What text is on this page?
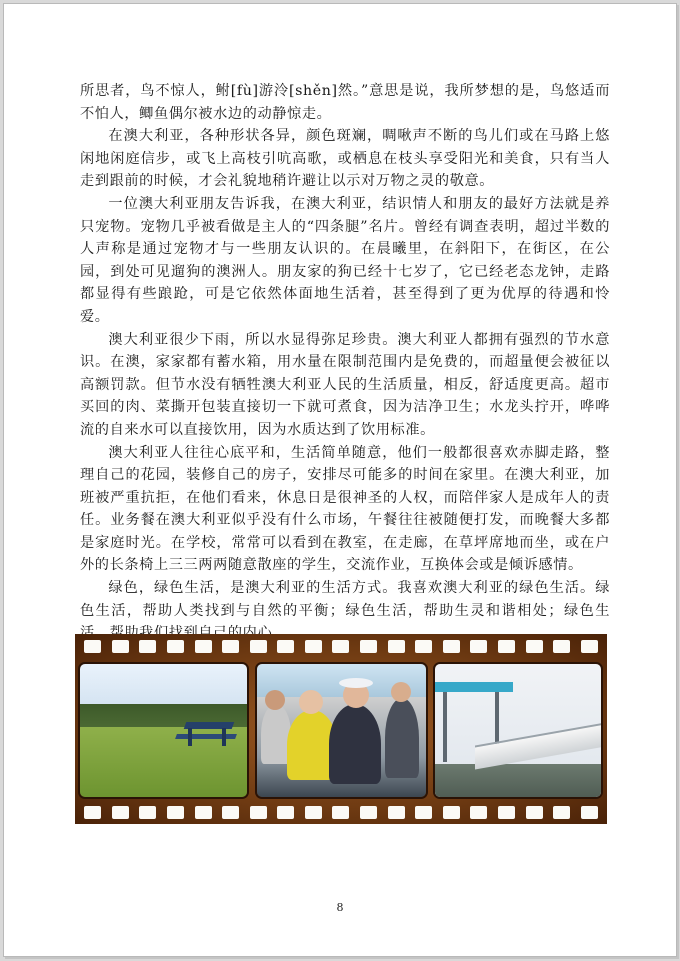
所思者，鸟不惊人，鲋[fù]游泠[shěn]然。”意思是说，我所梦想的是，鸟悠适而不怕人，鲫鱼偶尔被水边的动静惊走。

在澳大利亚，各种形状各异，颜色斑斓，啁啾声不断的鸟儿们或在马路上悠闲地闲庭信步，或飞上高枝引吭高歌，或栖息在枝头享受阳光和美食，只有当人走到跟前的时候，才会礼貌地稍许避让以示对万物之灵的敬意。

一位澳大利亚朋友告诉我，在澳大利亚，结识情人和朋友的最好方法就是养只宠物。宠物几乎被看做是主人的“四条腿”名片。曾经有调查表明，超过半数的人声称是通过宠物才与一些朋友认识的。在晨曦里，在斜阳下，在街区，在公园，到处可见遛狗的澳洲人。朋友家的狗已经十七岁了，它已经老态龙钟，走路都显得有些踉跄，可是它依然体面地生活着，甚至得到了更为优厚的待遇和怜爱。

澳大利亚很少下雨，所以水显得弥足珍贵。澳大利亚人都拥有强烈的节水意识。在澳，家家都有蓄水箱，用水量在限制范围内是免费的，而超量便会被征以高额罚款。但节水没有牺牲澳大利亚人民的生活质量，相反，舒适度更高。超市买回的肉、菜撕开包装直接切一下就可煮食，因为洁净卫生；水龙头拧开，哗哗流的自来水可以直接饮用，因为水质达到了饮用标准。

澳大利亚人往往心底平和，生活简单随意，他们一般都很喜欢赤脚走路，整理自己的花园，装修自己的房子，安排尽可能多的时间在家里。在澳大利亚，加班被严重抗拒，在他们看来，休息日是很神圣的人权，而陪伴家人是成年人的责任。业务餐在澳大利亚似乎没有什么市场，午餐往往被随便打发，而晚餐大多都是家庭时光。在学校，常常可以看到在教室，在走廊，在草坪席地而坐，或在户外的长条椅上三三两两随意散座的学生，交流作业，互换体会或是倾诉感情。

绿色，绿色生活，是澳大利亚的生活方式。我喜欢澳大利亚的绿色生活。绿色生活，帮助人类找到与自然的平衡；绿色生活，帮助生灵和谐相处；绿色生

8
